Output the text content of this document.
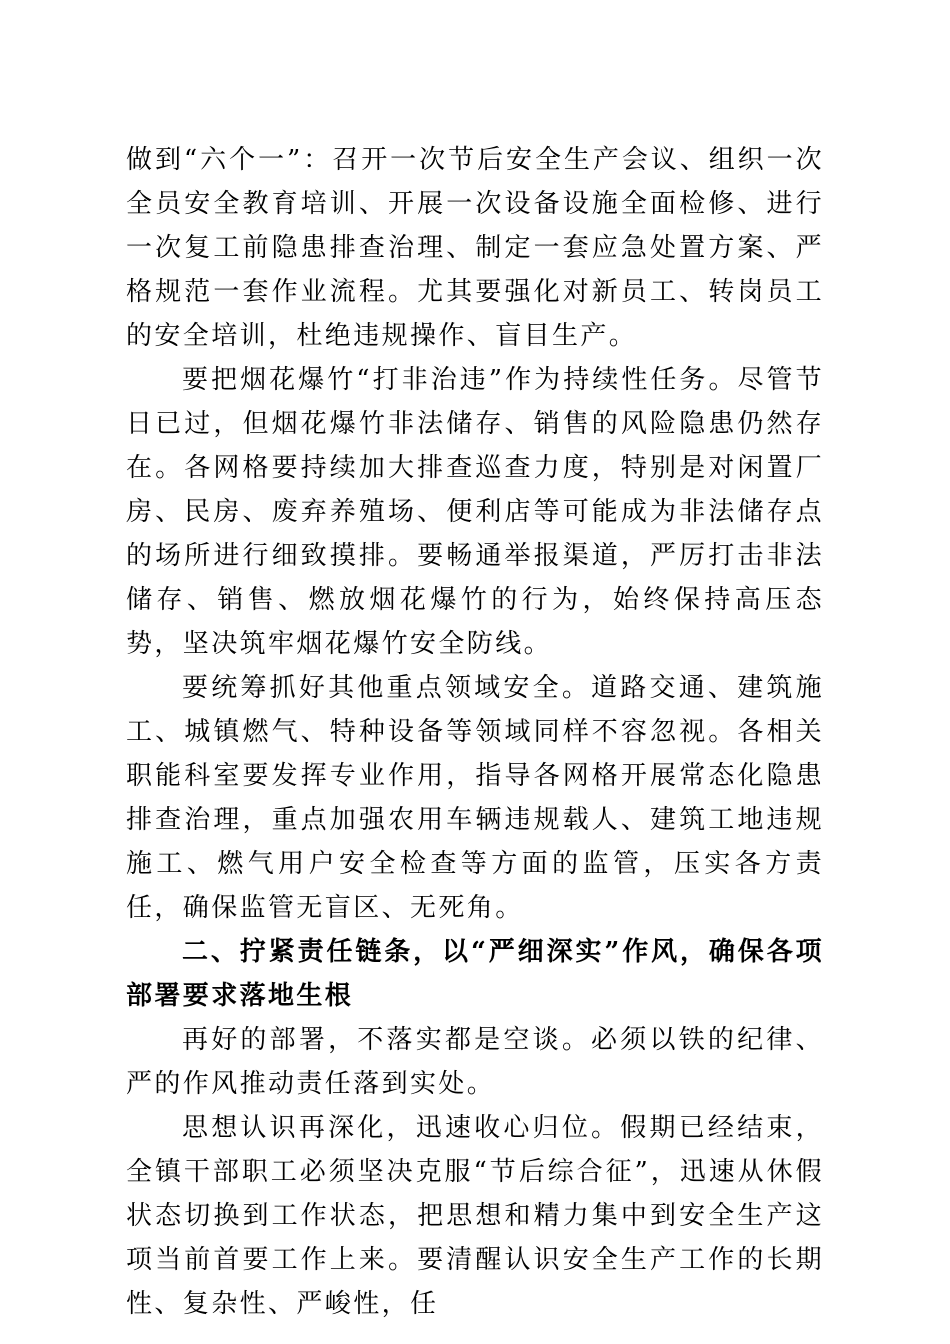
做到“六个一”：召开一次节后安全生产会议、组织一次全员安全教育培训、开展一次设备设施全面检修、进行一次复工前隐患排查治理、制定一套应急处置方案、严格规范一套作业流程。尤其要强化对新员工、转岗员工的安全培训，杜绝违规操作、盲目生产。

要把烟花爆竹“打非治违”作为持续性任务。尽管节日已过，但烟花爆竹非法储存、销售的风险隐患仍然存在。各网格要持续加大排查巡查力度，特别是对闲置厂房、民房、废弃养殖场、便利店等可能成为非法储存点的场所进行细致摸排。要畅通举报渠道，严厉打击非法储存、销售、燃放烟花爆竹的行为，始终保持高压态势，坚决筑牢烟花爆竹安全防线。

要统筹抓好其他重点领域安全。道路交通、建筑施工、城镇燃气、特种设备等领域同样不容忽视。各相关职能科室要发挥专业作用，指导各网格开展常态化隐患排查治理，重点加强农用车辆违规载人、建筑工地违规施工、燃气用户安全检查等方面的监管，压实各方责任，确保监管无盲区、无死角。

二、拧紧责任链条，以“严细深实”作风，确保各项部署要求落地生根

再好的部署，不落实都是空谈。必须以铁的纪律、严的作风推动责任落到实处。

思想认识再深化，迅速收心归位。假期已经结束，全镇干部职工必须坚决克服“节后综合征”，迅速从休假状态切换到工作状态，把思想和精力集中到安全生产这项当前首要工作上来。要清醒认识安全生产工作的长期性、复杂性、严峻性，任
